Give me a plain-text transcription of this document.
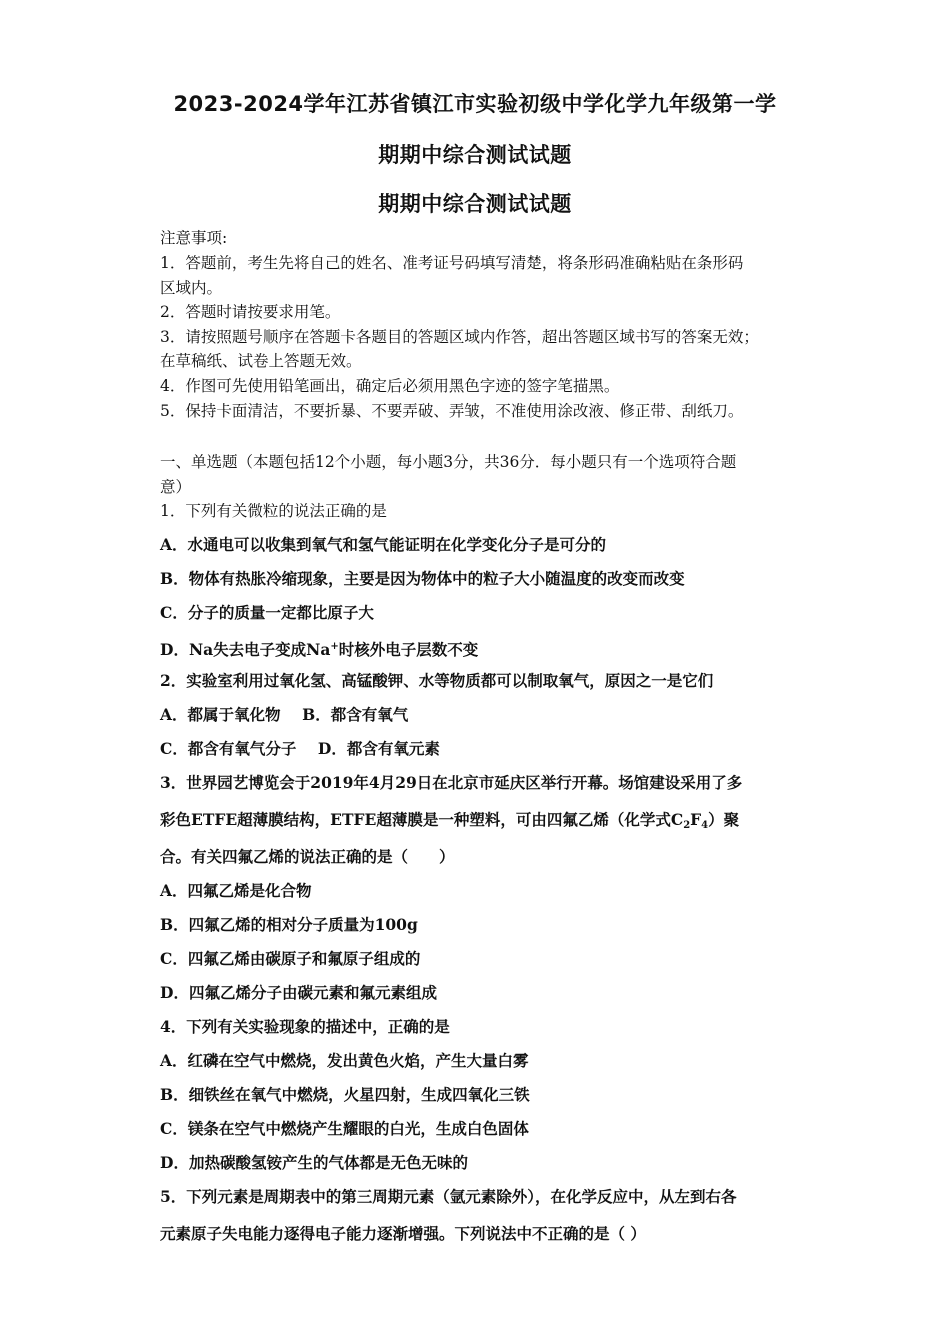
2023-2024学年江苏省镇江市实验初级中学化学九年级第一学
期期中综合测试试题
期期中综合测试试题
注意事项:
1．答题前，考生先将自己的姓名、准考证号码填写清楚，将条形码准确粘贴在条形码
区域内。
2．答题时请按要求用笔。
3．请按照题号顺序在答题卡各题目的答题区域内作答，超出答题区域书写的答案无效；
在草稿纸、试卷上答题无效。
4．作图可先使用铅笔画出，确定后必须用黑色字迹的签字笔描黑。
5．保持卡面清洁，不要折暴、不要弄破、弄皱，不准使用涂改液、修正带、刮纸刀。
一、单选题（本题包括12个小题，每小题3分，共36分．每小题只有一个选项符合题
意）
1．下列有关微粒的说法正确的是
A．水通电可以收集到氧气和氢气能证明在化学变化分子是可分的
B．物体有热胀冷缩现象，主要是因为物体中的粒子大小随温度的改变而改变
C．分子的质量一定都比原子大
D．Na失去电子变成Na+时核外电子层数不变
2．实验室利用过氧化氢、高锰酸钾、水等物质都可以制取氧气，原因之一是它们
A．都属于氧化物    B．都含有氧气
C．都含有氧气分子    D．都含有氧元素
3．世界园艺博览会于2019年4月29日在北京市延庆区举行开幕。场馆建设采用了多
彩色ETFE超薄膜结构，ETFE超薄膜是一种塑料，可由四氟乙烯（化学式$C_2F_4$）聚
合。有关四氟乙烯的说法正确的是（　　）
A．四氟乙烯是化合物
B．四氟乙烯的相对分子质量为100g
C．四氟乙烯由碳原子和氟原子组成的
D．四氟乙烯分子由碳元素和氟元素组成
4．下列有关实验现象的描述中，正确的是
A．红磷在空气中燃烧，发出黄色火焰，产生大量白雾
B．细铁丝在氧气中燃烧，火星四射，生成四氧化三铁
C．镁条在空气中燃烧产生耀眼的白光，生成白色固体
D．加热碳酸氢铵产生的气体都是无色无味的
5．下列元素是周期表中的第三周期元素（氩元素除外），在化学反应中，从左到右各
元素原子失电能力逐得电子能力逐渐增强。下列说法中不正确的是（ ）
